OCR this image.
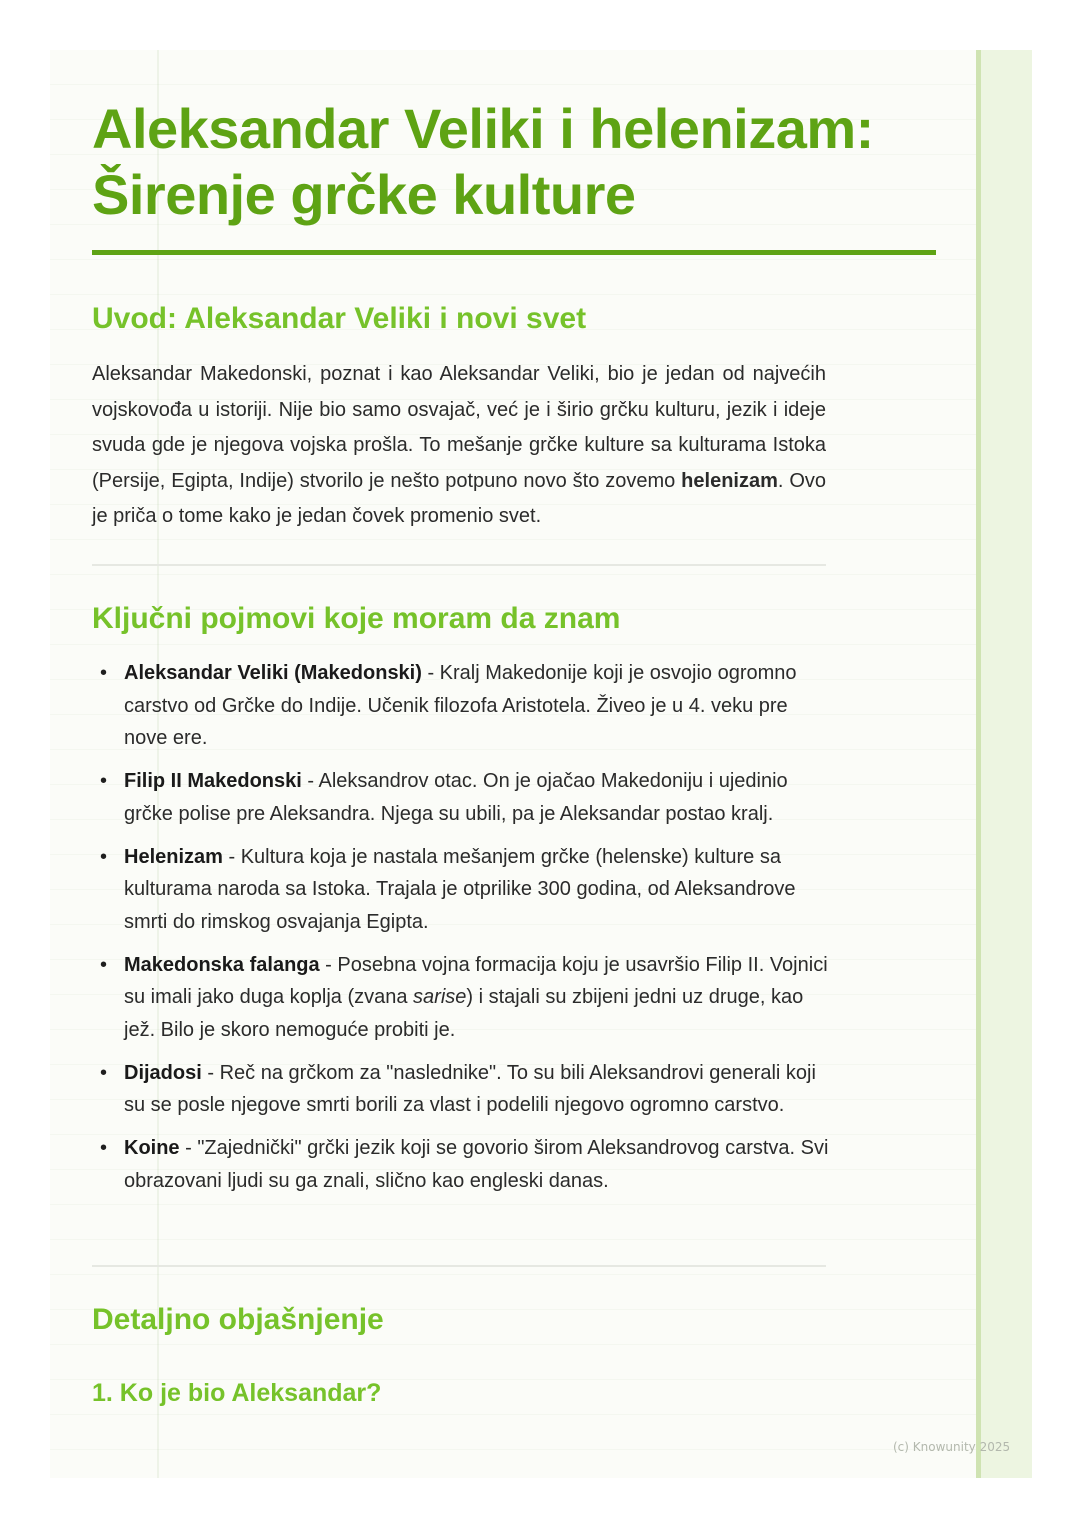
Aleksandar Veliki i helenizam:
Širenje grčke kulture
Uvod: Aleksandar Veliki i novi svet

Aleksandar Makedonski, poznat i kao Aleksandar Veliki, bio je jedan od najvećih vojskovođa u istoriji. Nije bio samo osvajač, već je i širio grčku kulturu, jezik i ideje svuda gde je njegova vojska prošla. To mešanje grčke kulture sa kulturama Istoka (Persije, Egipta, Indije) stvorilo je nešto potpuno novo što zovemo helenizam. Ovo je priča o tome kako je jedan čovek promenio svet.

Ključni pojmovi koje moram da znam
• Aleksandar Veliki (Makedonski) - Kralj Makedonije koji je osvojio ogromno carstvo od Grčke do Indije. Učenik filozofa Aristotela. Živeo je u 4. veku pre nove ere.
• Filip II Makedonski - Aleksandrov otac. On je ojačao Makedoniju i ujedinio grčke polise pre Aleksandra. Njega su ubili, pa je Aleksandar postao kralj.
• Helenizam - Kultura koja je nastala mešanjem grčke (helenske) kulture sa kulturama naroda sa Istoka. Trajala je otprilike 300 godina, od Aleksandrove smrti do rimskog osvajanja Egipta.
• Makedonska falanga - Posebna vojna formacija koju je usavršio Filip II. Vojnici su imali jako duga koplja (zvana sarise) i stajali su zbijeni jedni uz druge, kao jež. Bilo je skoro nemoguće probiti je.
• Dijadosi - Reč na grčkom za "naslednike". To su bili Aleksandrovi generali koji su se posle njegove smrti borili za vlast i podelili njegovo ogromno carstvo.
• Koine - "Zajednički" grčki jezik koji se govorio širom Aleksandrovog carstva. Svi obrazovani ljudi su ga znali, slično kao engleski danas.
Detaljno objašnjenje
1. Ko je bio Aleksandar?
(c) Knowunity 2025
